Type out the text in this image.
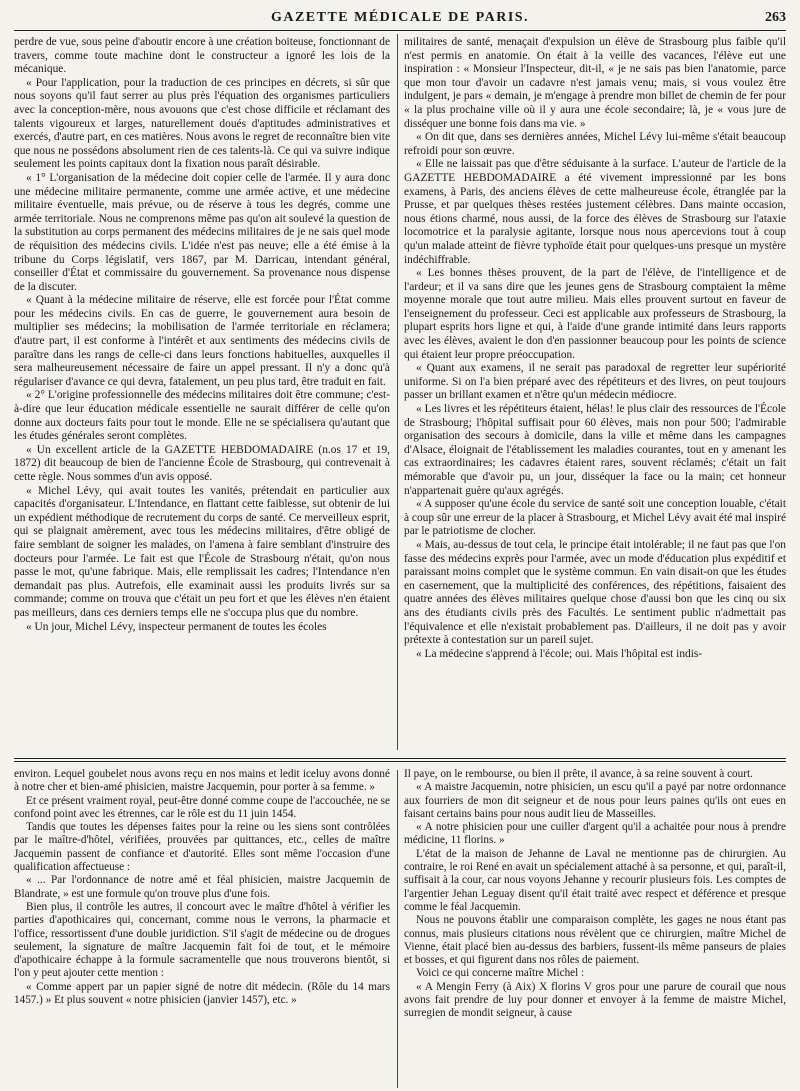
GAZETTE MÉDICALE DE PARIS.	263

perdre de vue, sous peine d'aboutir encore à une création boiteuse, fonctionnant de travers, comme toute machine dont le constructeur a ignoré les lois de la mécanique.

« Pour l'application, pour la traduction de ces principes en décrets, si sûr que nous soyons qu'il faut serrer au plus près l'équation des organismes particuliers avec la conception-mère, nous avouons que c'est chose difficile et réclamant des talents vigoureux et larges, naturellement doués d'aptitudes administratives et exercés, d'autre part, en ces matières. Nous avons le regret de reconnaître bien vite que nous ne possédons absolument rien de ces talents-là. Ce qui va suivre indique seulement les points capitaux dont la fixation nous paraît désirable.

« 1° L'organisation de la médecine doit copier celle de l'armée. Il y aura donc une médecine militaire permanente, comme une armée active, et une médecine militaire éventuelle, mais prévue, ou de réserve à tous les degrés, comme une armée territoriale. Nous ne comprenons même pas qu'on ait soulevé la question de la substitution au corps permanent des médecins militaires de je ne sais quel mode de réquisition des médecins civils. L'idée n'est pas neuve; elle a été émise à la tribune du Corps législatif, vers 1867, par M. Darricau, intendant général, conseiller d'État et commissaire du gouvernement. Sa provenance nous dispense de la discuter.

« Quant à la médecine militaire de réserve, elle est forcée pour l'État comme pour les médecins civils. En cas de guerre, le gouvernement aura besoin de multiplier ses médecins; la mobilisation de l'armée territoriale en réclamera; d'autre part, il est conforme à l'intérêt et aux sentiments des médecins civils de paraître dans les rangs de celle-ci dans leurs fonctions habituelles, auxquelles il sera malheureusement nécessaire de faire un appel pressant. Il n'y a donc qu'à régulariser d'avance ce qui devra, fatalement, un peu plus tard, être traduit en fait.

« 2° L'origine professionnelle des médecins militaires doit être commune; c'est-à-dire que leur éducation médicale essentielle ne saurait différer de celle qu'on donne aux docteurs faits pour tout le monde. Elle ne se spécialisera qu'autant que les études générales seront complètes.

« Un excellent article de la GAZETTE HEBDOMADAIRE (n.os 17 et 19, 1872) dit beaucoup de bien de l'ancienne École de Strasbourg, qui contrevenait à cette règle. Nous sommes d'un avis opposé.

« Michel Lévy, qui avait toutes les vanités, prétendait en particulier aux capacités d'organisateur. L'Intendance, en flattant cette faiblesse, sut obtenir de lui un expédient méthodique de recrutement du corps de santé. Ce merveilleux esprit, qui se plaignait amèrement, avec tous les médecins militaires, d'être obligé de faire semblant de soigner les malades, on l'amena à faire semblant d'instruire des docteurs pour l'armée. Le fait est que l'École de Strasbourg n'était, qu'on nous passe le mot, qu'une fabrique. Mais, elle remplissait les cadres; l'Intendance n'en demandait pas plus. Autrefois, elle examinait aussi les produits livrés sur sa commande; comme on trouva que c'était un peu fort et que les élèves n'en étaient pas meilleurs, dans ces derniers temps elle ne s'occupa plus que du nombre.

« Un jour, Michel Lévy, inspecteur permanent de toutes les écoles

militaires de santé, menaçait d'expulsion un élève de Strasbourg plus faible qu'il n'est permis en anatomie. On était à la veille des vacances, l'élève eut une inspiration : « Monsieur l'Inspecteur, dit-il, « je ne sais pas bien l'anatomie, parce que mon tour d'avoir un cadavre n'est jamais venu; mais, si vous voulez être indulgent, je pars « demain, je m'engage à prendre mon billet de chemin de fer pour « la plus prochaine ville où il y aura une école secondaire; là, je « vous jure de disséquer une bonne fois dans ma vie. »

« On dit que, dans ses dernières années, Michel Lévy lui-même s'était beaucoup refroidi pour son œuvre.

« Elle ne laissait pas que d'être séduisante à la surface. L'auteur de l'article de la GAZETTE HEBDOMADAIRE a été vivement impressionné par les bons examens, à Paris, des anciens élèves de cette malheureuse école, étranglée par la Prusse, et par quelques thèses restées justement célèbres. Dans mainte occasion, nous étions charmé, nous aussi, de la force des élèves de Strasbourg sur l'ataxie locomotrice et la paralysie agitante, lorsque nous nous apercevions tout à coup qu'un malade atteint de fièvre typhoïde était pour quelques-uns presque un mystère indéchiffrable.

« Les bonnes thèses prouvent, de la part de l'élève, de l'intelligence et de l'ardeur; et il va sans dire que les jeunes gens de Strasbourg comptaient la même moyenne morale que tout autre milieu. Mais elles prouvent surtout en faveur de l'enseignement du professeur. Ceci est applicable aux professeurs de Strasbourg, la plupart esprits hors ligne et qui, à l'aide d'une grande intimité dans leurs rapports avec les élèves, avaient le don d'en passionner beaucoup pour les points de science qui étaient leur propre préoccupation.

« Quant aux examens, il ne serait pas paradoxal de regretter leur supériorité uniforme. Si on l'a bien préparé avec des répétiteurs et des livres, on peut toujours passer un brillant examen et n'être qu'un médecin médiocre.

« Les livres et les répétiteurs étaient, hélas! le plus clair des ressources de l'École de Strasbourg; l'hôpital suffisait pour 60 élèves, mais non pour 500; l'admirable organisation des secours à domicile, dans la ville et même dans les campagnes d'Alsace, éloignait de l'établissement les maladies courantes, tout en y amenant les cas extraordinaires; les cadavres étaient rares, souvent réclamés; c'était un fait mémorable que d'avoir pu, un jour, disséquer la face ou la main; cet honneur n'appartenait guère qu'aux agrégés.

« A supposer qu'une école du service de santé soit une conception louable, c'était à coup sûr une erreur de la placer à Strasbourg, et Michel Lévy avait été mal inspiré par le patriotisme de clocher.

« Mais, au-dessus de tout cela, le principe était intolérable; il ne faut pas que l'on fasse des médecins exprès pour l'armée, avec un mode d'éducation plus expéditif et paraissant moins complet que le système commun. En vain disait-on que les études en casernement, que la multiplicité des conférences, des répétitions, faisaient des quatre années des élèves militaires quelque chose d'aussi bon que les cinq ou six ans des étudiants civils près des Facultés. Le sentiment public n'admettait pas l'équivalence et elle n'existait probablement pas. D'ailleurs, il ne doit pas y avoir prétexte à contestation sur un pareil sujet.

« La médecine s'apprend à l'école; oui. Mais l'hôpital est indis-

environ. Lequel goubelet nous avons reçu en nos mains et ledit iceluy avons donné à notre cher et bien-amé phisicien, maistre Jacquemin, pour porter à sa femme. »

Et ce présent vraiment royal, peut-être donné comme coupe de l'accouchée, ne se confond point avec les étrennes, car le rôle est du 11 juin 1454.

Tandis que toutes les dépenses faites pour la reine ou les siens sont contrôlées par le maître-d'hôtel, vérifiées, prouvées par quittances, etc., celles de maître Jacquemin passent de confiance et d'autorité. Elles sont même l'occasion d'une qualification affectueuse :

« ... Par l'ordonnance de notre amé et féal phisicien, maistre Jacquemin de Blandrate, » est une formule qu'on trouve plus d'une fois.

Bien plus, il contrôle les autres, il concourt avec le maître d'hôtel à vérifier les parties d'apothicaires qui, concernant, comme nous le verrons, la pharmacie et l'office, ressortissent d'une double juridiction. S'il s'agit de médecine ou de drogues seulement, la signature de maître Jacquemin fait foi de tout, et le mémoire d'apothicaire échappe à la formule sacramentelle que nous trouverons bientôt, si l'on y peut ajouter cette mention :

« Comme appert par un papier signé de notre dit médecin. (Rôle du 14 mars 1457.) » Et plus souvent « notre phisicien (janvier 1457), etc. »

Il paye, on le rembourse, ou bien il prête, il avance, à sa reine souvent à court.

« A maistre Jacquemin, notre phisicien, un escu qu'il a payé par notre ordonnance aux fourriers de mon dit seigneur et de nous pour leurs paines qu'ils ont eues en faisant certains bains pour nous audit lieu de Masseilles.

« A notre phisicien pour une cuiller d'argent qu'il a achaitée pour nous à prendre médicine, 11 florins. »

L'état de la maison de Jehanne de Laval ne mentionne pas de chirurgien. Au contraire, le roi René en avait un spécialement attaché à sa personne, et qui, paraît-il, suffisait à la cour, car nous voyons Jehanne y recourir plusieurs fois. Les comptes de l'argentier Jehan Leguay disent qu'il était traité avec respect et déférence et presque comme le féal Jacquemin.

Nous ne pouvons établir une comparaison complète, les gages ne nous étant pas connus, mais plusieurs citations nous révèlent que ce chirurgien, maître Michel de Vienne, était placé bien au-dessus des barbiers, fussent-ils même panseurs de plaies et bosses, et qui figurent dans nos rôles de paiement.

Voici ce qui concerne maître Michel :

« A Mengin Ferry (à Aix) X florins V gros pour une parure de courail que nous avons fait prendre de luy pour donner et envoyer à la femme de maistre Michel, surregien de mondit seigneur, à cause
